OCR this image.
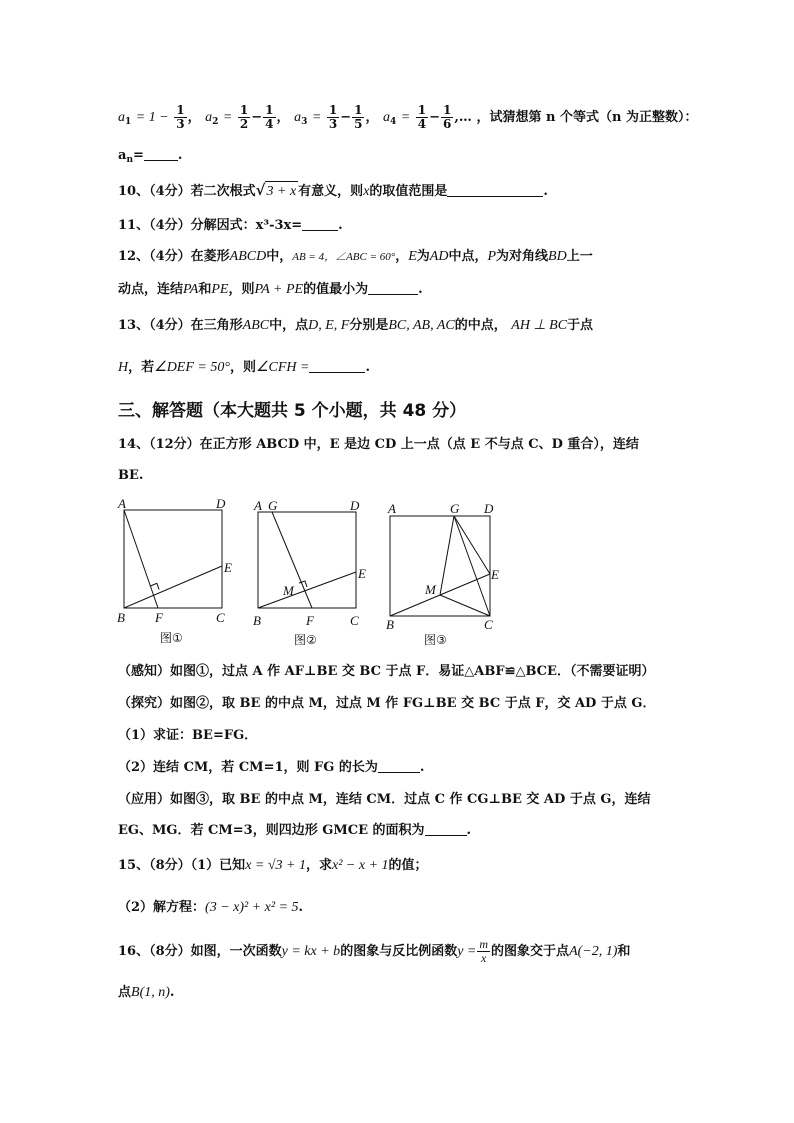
$a_1 = 1 - \frac{1}{3}$ ， $a_2 = \frac{1}{2} - \frac{1}{4}$ ， $a_3 = \frac{1}{3} - \frac{1}{5}$ ， $a_4 = \frac{1}{4} - \frac{1}{6}$ ,… ，试猜想第 n 个等式（n 为正整数）：
$a_n=$	.
10、（4分）若二次根式√3 + x 有意义，则x的取值范围是	.
11、（4分）分解因式：x³-3x=	.
12、（4分）在菱形ABCD中，AB = 4，∠ABC = 60°，E为AD中点，P为对角线BD上一
动点，连结PA和PE，则PA + PE的值最小为	.
13、（4分）在三角形ABC中，点D, E, F分别是BC, AB, AC的中点， AH ⊥ BC于点
H，若∠DEF = 50°，则∠CFH =	.
三、解答题（本大题共 5 个小题，共 48 分）
14、（12分）在正方形 ABCD 中，E 是边 CD 上一点（点 E 不与点 C、D 重合），连结
BE.
A	D
E
B F	C
图①
A G	D
E
M
B	F	C
图②
A	G D
E
M
B	C
图③
（感知）如图①，过点 A 作 AF⊥BE 交 BC 于点 F．易证△ABF≌△BCE．（不需要证明）
（探究）如图②，取 BE 的中点 M，过点 M 作 FG⊥BE 交 BC 于点 F，交 AD 于点 G．
（1）求证：BE=FG．
（2）连结 CM，若 CM=1，则 FG 的长为	.
（应用）如图③，取 BE 的中点 M，连结 CM．过点 C 作 CG⊥BE 交 AD 于点 G，连结
EG、MG．若 CM=3，则四边形 GMCE 的面积为	.
15、（8分）（1）已知x = √3 + 1，求x² − x + 1的值；
（2）解方程：(3 − x)² + x² = 5.
16、（8分）如图，一次函数y = kx + b的图象与反比例函数$y = \frac{m}{x}$ 的图象交于点A(−2, 1)和
点B(1, n).
